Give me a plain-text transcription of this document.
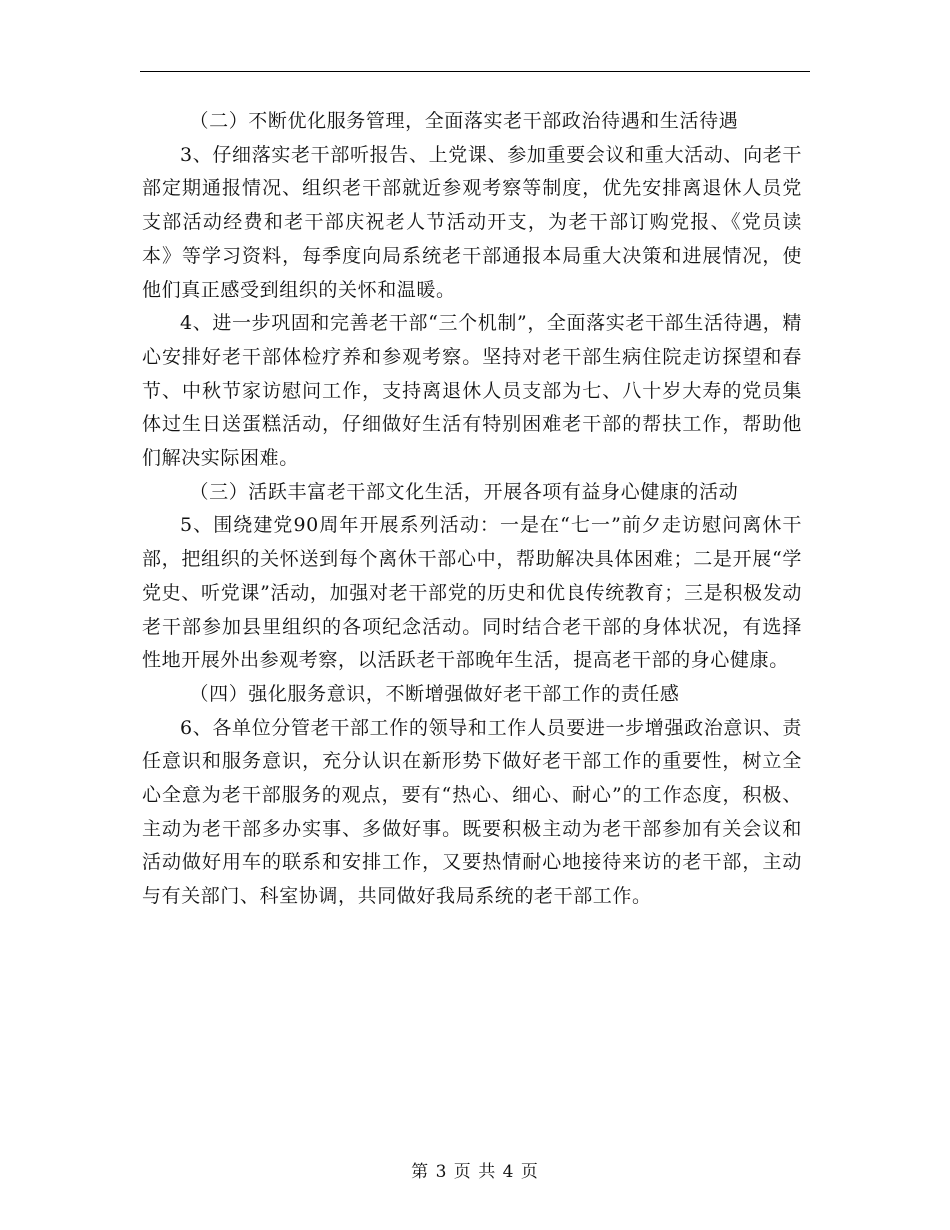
（二）不断优化服务管理，全面落实老干部政治待遇和生活待遇

3、仔细落实老干部听报告、上党课、参加重要会议和重大活动、向老干部定期通报情况、组织老干部就近参观考察等制度，优先安排离退休人员党支部活动经费和老干部庆祝老人节活动开支，为老干部订购党报、《党员读本》等学习资料，每季度向局系统老干部通报本局重大决策和进展情况，使他们真正感受到组织的关怀和温暖。

4、进一步巩固和完善老干部“三个机制”，全面落实老干部生活待遇，精心安排好老干部体检疗养和参观考察。坚持对老干部生病住院走访探望和春节、中秋节家访慰问工作，支持离退休人员支部为七、八十岁大寿的党员集体过生日送蛋糕活动，仔细做好生活有特别困难老干部的帮扶工作，帮助他们解决实际困难。

（三）活跃丰富老干部文化生活，开展各项有益身心健康的活动

5、围绕建党90周年开展系列活动：一是在“七一”前夕走访慰问离休干部，把组织的关怀送到每个离休干部心中，帮助解决具体困难；二是开展“学党史、听党课”活动，加强对老干部党的历史和优良传统教育；三是积极发动老干部参加县里组织的各项纪念活动。同时结合老干部的身体状况，有选择性地开展外出参观考察，以活跃老干部晚年生活，提高老干部的身心健康。

（四）强化服务意识，不断增强做好老干部工作的责任感

6、各单位分管老干部工作的领导和工作人员要进一步增强政治意识、责任意识和服务意识，充分认识在新形势下做好老干部工作的重要性，树立全心全意为老干部服务的观点，要有“热心、细心、耐心”的工作态度，积极、主动为老干部多办实事、多做好事。既要积极主动为老干部参加有关会议和活动做好用车的联系和安排工作，又要热情耐心地接待来访的老干部，主动与有关部门、科室协调，共同做好我局系统的老干部工作。

第 3 页 共 4 页
